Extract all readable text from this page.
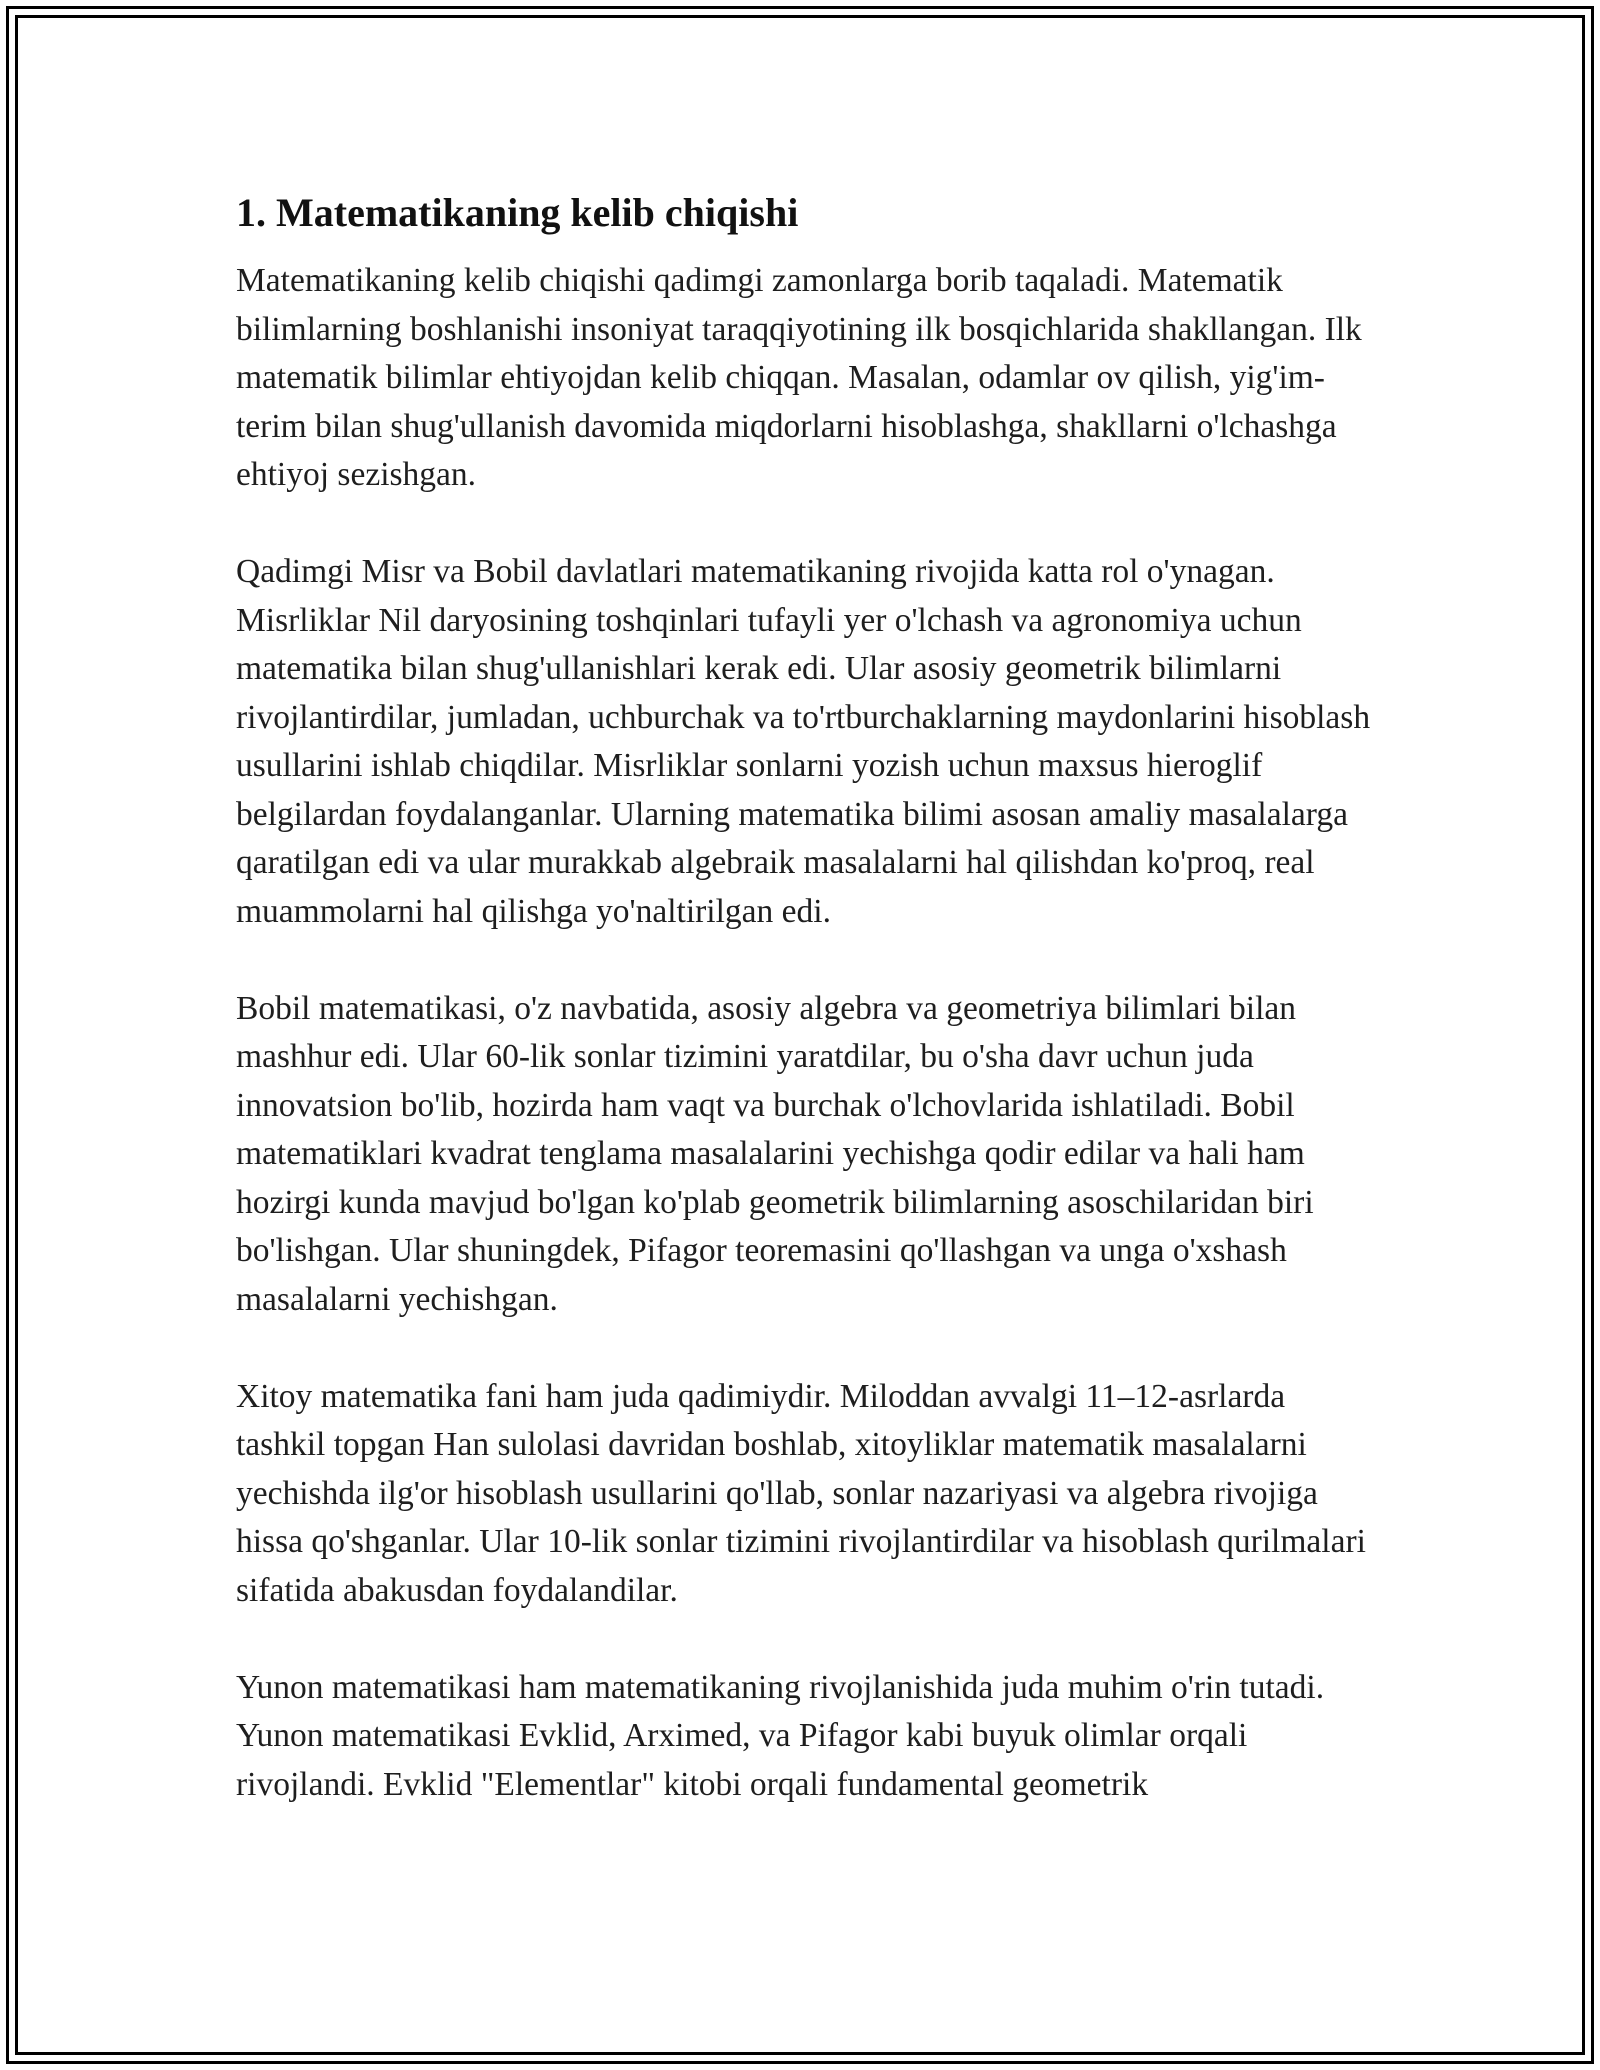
1. Matematikaning kelib chiqishi

Matematikaning kelib chiqishi qadimgi zamonlarga borib taqaladi. Matematik bilimlarning boshlanishi insoniyat taraqqiyotining ilk bosqichlarida shakllangan. Ilk matematik bilimlar ehtiyojdan kelib chiqqan. Masalan, odamlar ov qilish, yig'im-terim bilan shug'ullanish davomida miqdorlarni hisoblashga, shakllarni o'lchashga ehtiyoj sezishgan.

Qadimgi Misr va Bobil davlatlari matematikaning rivojida katta rol o'ynagan. Misrliklar Nil daryosining toshqinlari tufayli yer o'lchash va agronomiya uchun matematika bilan shug'ullanishlari kerak edi. Ular asosiy geometrik bilimlarni rivojlantirdilar, jumladan, uchburchak va to'rtburchaklarning maydonlarini hisoblash usullarini ishlab chiqdilar. Misrliklar sonlarni yozish uchun maxsus hieroglif belgilardan foydalanganlar. Ularning matematika bilimi asosan amaliy masalalarga qaratilgan edi va ular murakkab algebraik masalalarni hal qilishdan ko'proq, real muammolarni hal qilishga yo'naltirilgan edi.

Bobil matematikasi, o'z navbatida, asosiy algebra va geometriya bilimlari bilan mashhur edi. Ular 60-lik sonlar tizimini yaratdilar, bu o'sha davr uchun juda innovatsion bo'lib, hozirda ham vaqt va burchak o'lchovlarida ishlatiladi. Bobil matematiklari kvadrat tenglama masalalarini yechishga qodir edilar va hali ham hozirgi kunda mavjud bo'lgan ko'plab geometrik bilimlarning asoschilaridan biri bo'lishgan. Ular shuningdek, Pifagor teoremasini qo'llashgan va unga o'xshash masalalarni yechishgan.

Xitoy matematika fani ham juda qadimiydir. Miloddan avvalgi 11–12-asrlarda tashkil topgan Han sulolasi davridan boshlab, xitoyliklar matematik masalalarni yechishda ilg'or hisoblash usullarini qo'llab, sonlar nazariyasi va algebra rivojiga hissa qo'shganlar. Ular 10-lik sonlar tizimini rivojlantirdilar va hisoblash qurilmalari sifatida abakusdan foydalandilar.

Yunon matematikasi ham matematikaning rivojlanishida juda muhim o'rin tutadi. Yunon matematikasi Evklid, Arximed, va Pifagor kabi buyuk olimlar orqali rivojlandi. Evklid "Elementlar" kitobi orqali fundamental geometrik
